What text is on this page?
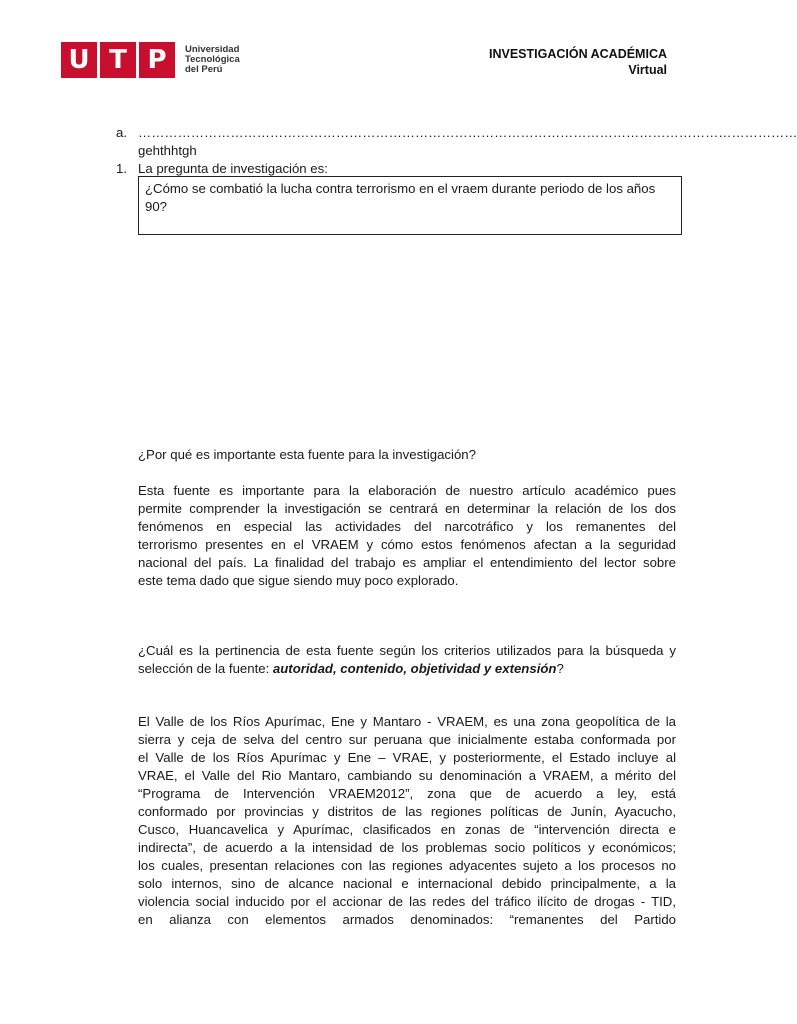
U T P	Universidad
Tecnológica
del Perú
INVESTIGACIÓN ACADÉMICA
Virtual
a. ……………………………………………………………………………………………………………………………………
gehthhtgh
1. La pregunta de investigación es:
¿Cómo se combatió la lucha contra terrorismo en el vraem durante periodo de los años 90?
¿Por qué es importante esta fuente para la investigación?
Esta fuente es importante para la elaboración de nuestro artículo académico pues
permite comprender la investigación se centrará en determinar la relación de los dos
fenómenos en especial las actividades del narcotráfico y los remanentes del
terrorismo presentes en el VRAEM y cómo estos fenómenos afectan a la seguridad
nacional del país. La finalidad del trabajo es ampliar el entendimiento del lector sobre
este tema dado que sigue siendo muy poco explorado.
¿Cuál es la pertinencia de esta fuente según los criterios utilizados para la búsqueda y
selección de la fuente: autoridad, contenido, objetividad y extensión?
El Valle de los Ríos Apurímac, Ene y Mantaro - VRAEM, es una zona geopolítica de la
sierra y ceja de selva del centro sur peruana que inicialmente estaba conformada por
el Valle de los Ríos Apurímac y Ene – VRAE, y posteriormente, el Estado incluye al
VRAE, el Valle del Rio Mantaro, cambiando su denominación a VRAEM, a mérito del
“Programa de Intervención VRAEM2012”, zona que de acuerdo a ley, está
conformado por provincias y distritos de las regiones políticas de Junín, Ayacucho,
Cusco, Huancavelica y Apurímac, clasificados en zonas de “intervención directa e
indirecta”, de acuerdo a la intensidad de los problemas socio políticos y económicos;
los cuales, presentan relaciones con las regiones adyacentes sujeto a los procesos no
solo internos, sino de alcance nacional e internacional debido principalmente, a la
violencia social inducido por el accionar de las redes del tráfico ilícito de drogas - TID,
en alianza con elementos armados denominados: “remanentes del Partido
